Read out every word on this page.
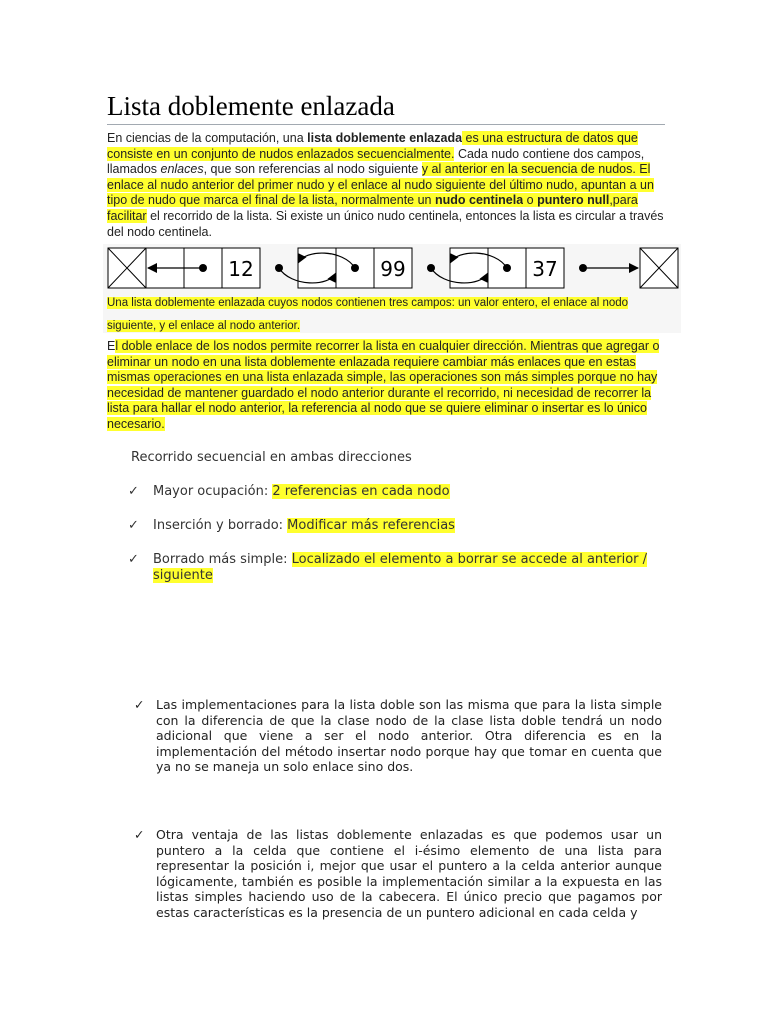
Lista doblemente enlazada

En ciencias de la computación, una lista doblemente enlazada es una estructura de datos que consiste en un conjunto de nudos enlazados secuencialmente. Cada nudo contiene dos campos, llamados enlaces, que son referencias al nodo siguiente y al anterior en la secuencia de nudos. El enlace al nudo anterior del primer nudo y el enlace al nudo siguiente del último nudo, apuntan a un tipo de nudo que marca el final de la lista, normalmente un nudo centinela o puntero null,para facilitar el recorrido de la lista. Si existe un único nudo centinela, entonces la lista es circular a través del nodo centinela.

12	99	37

Una lista doblemente enlazada cuyos nodos contienen tres campos: un valor entero, el enlace al nodo siguiente, y el enlace al nodo anterior.

El doble enlace de los nodos permite recorrer la lista en cualquier dirección. Mientras que agregar o eliminar un nodo en una lista doblemente enlazada requiere cambiar más enlaces que en estas mismas operaciones en una lista enlazada simple, las operaciones son más simples porque no hay necesidad de mantener guardado el nodo anterior durante el recorrido, ni necesidad de recorrer la lista para hallar el nodo anterior, la referencia al nodo que se quiere eliminar o insertar es lo único necesario.

Recorrido secuencial en ambas direcciones

✓	Mayor ocupación: 2 referencias en cada nodo
✓	Inserción y borrado: Modificar más referencias
✓	Borrado más simple: Localizado el elemento a borrar se accede al anterior / siguiente
✓ Las implementaciones para la lista doble son las misma que para la lista simple con la diferencia de que la clase nodo de la clase lista doble tendrá un nodo adicional que viene a ser el nodo anterior. Otra diferencia es en la implementación del método insertar nodo porque hay que tomar en cuenta que ya no se maneja un solo enlace sino dos.
✓ Otra ventaja de las listas doblemente enlazadas es que podemos usar un puntero a la celda que contiene el i-ésimo elemento de una lista para representar la posición i, mejor que usar el puntero a la celda anterior aunque lógicamente, también es posible la implementación similar a la expuesta en las listas simples haciendo uso de la cabecera. El único precio que pagamos por estas características es la presencia de un puntero adicional en cada celda y
